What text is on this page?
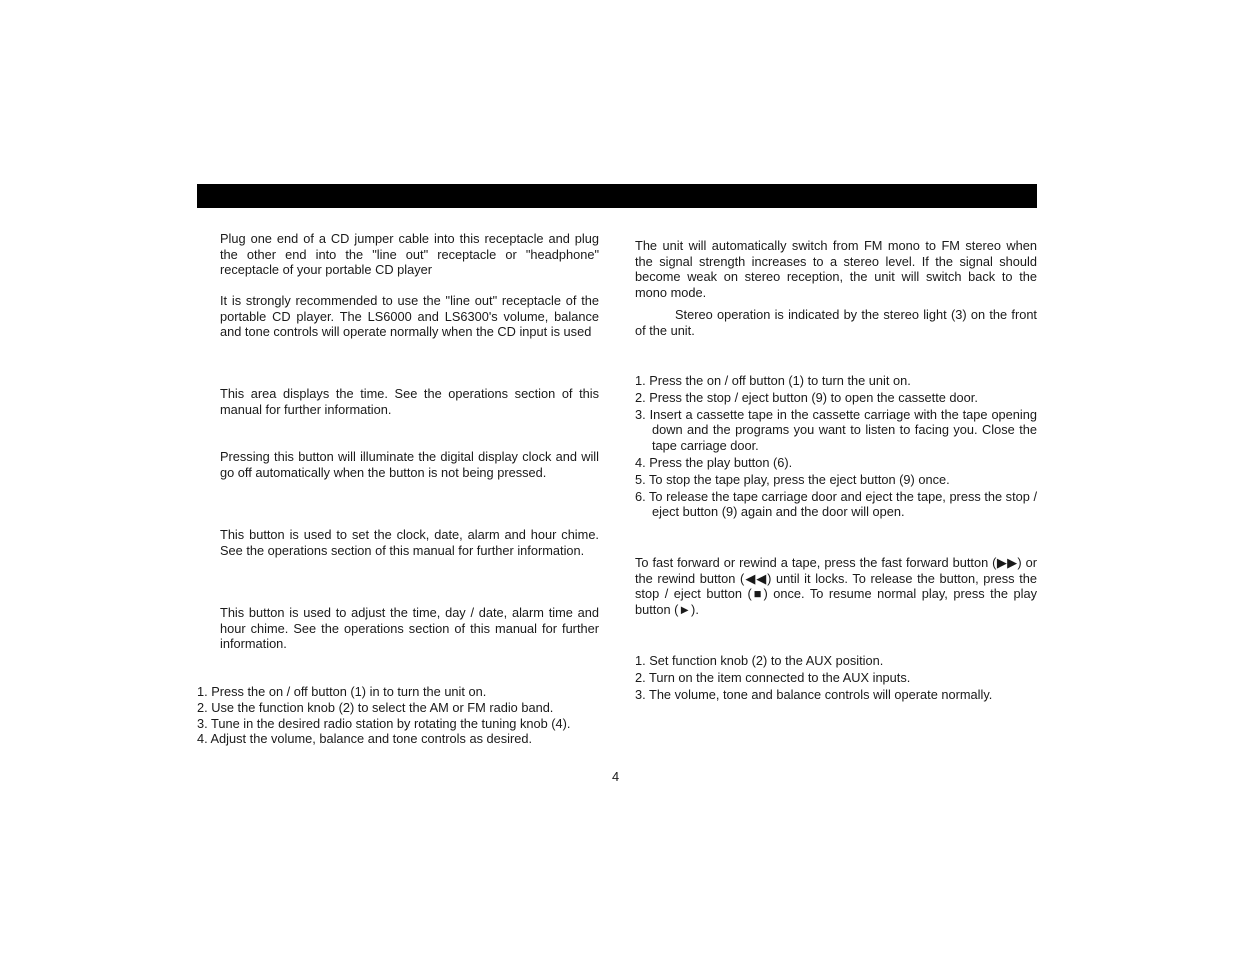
Plug one end of a CD jumper cable into this receptacle and plug the other end into the "line out" receptacle or "headphone" receptacle of your portable CD player

It is strongly recommended to use the "line out" receptacle of the portable CD player. The LS6000 and LS6300's volume, balance and tone controls will operate normally when the CD input is used

This area displays the time. See the operations section of this manual for further information.

Pressing this button will illuminate the digital display clock and will go off automatically when the button is not being pressed.

This button is used to set the clock, date, alarm and hour chime. See the operations section of this manual for further information.

This button is used to adjust the time, day / date, alarm time and hour chime. See the operations section of this manual for further information.

1. Press the on / off button (1) in to turn the unit on.
2. Use the function knob (2) to select the AM or FM radio band.
3. Tune in the desired radio station by rotating the tuning knob (4).
4. Adjust the volume, balance and tone controls as desired.

The unit will automatically switch from FM mono to FM stereo when the signal strength increases to a stereo level. If the signal should become weak on stereo reception, the unit will switch back to the mono mode.

Stereo operation is indicated by the stereo light (3) on the front of the unit.

1. Press the on / off button (1) to turn the unit on.
2. Press the stop / eject button (9) to open the cassette door.
3. Insert a cassette tape in the cassette carriage with the tape opening down and the programs you want to listen to facing you. Close the tape carriage door.
4. Press the play button (6).
5. To stop the tape play, press the eject button (9) once.
6. To release the tape carriage door and eject the tape, press the stop / eject button (9) again and the door will open.

To fast forward or rewind a tape, press the fast forward button (▶▶) or the rewind button (◀◀) until it locks. To release the button, press the stop / eject button (■) once. To resume normal play, press the play button (►).

1. Set function knob (2) to the AUX position.
2. Turn on the item connected to the AUX inputs.
3. The volume, tone and balance controls will operate normally.
4
